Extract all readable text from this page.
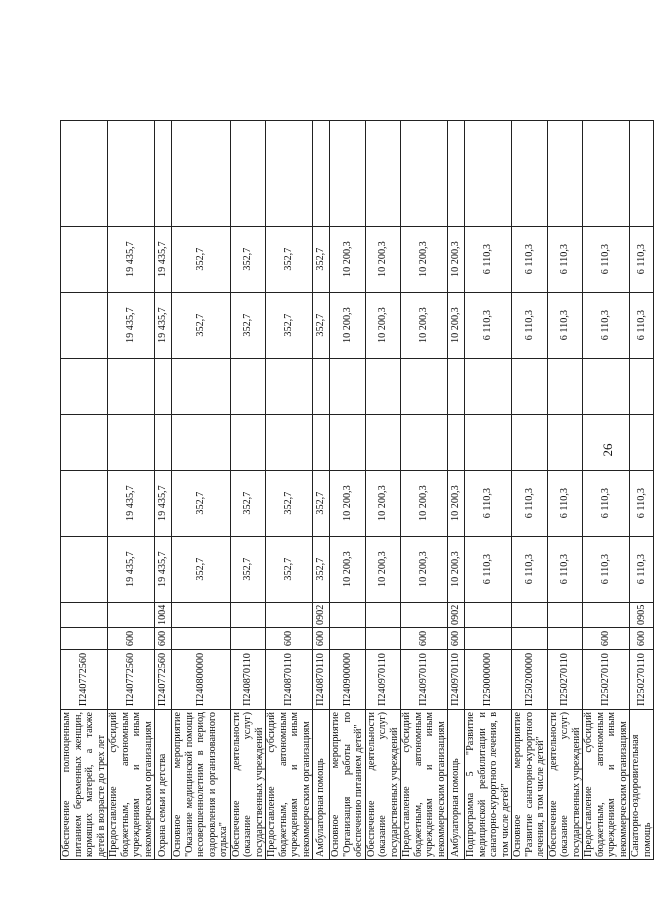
26
Обеспечение полноценным питанием беременных женщин, кормящих матерей, а также детей в возрасте до трех лет	П240772560									
Предоставление субсидий бюджетным, автономным учреждениям и иным некоммерческим организациям	П240772560	600		19 435,7	19 435,7			19 435,7	19 435,7	
Охрана семьи и детства	П240772560	600	1004	19 435,7	19 435,7			19 435,7	19 435,7	
Основное мероприятие "Оказание медицинской помощи несовершеннолетним в период оздоровления и организованного отдыха"	П240800000			352,7	352,7			352,7	352,7	
Обеспечение деятельности (оказание услуг) государственных учреждений	П240870110			352,7	352,7			352,7	352,7	
Предоставление субсидий бюджетным, автономным учреждениям и иным некоммерческим организациям	П240870110	600		352,7	352,7			352,7	352,7	
Амбулаторная помощь	П240870110	600	0902	352,7	352,7			352,7	352,7	
Основное мероприятие "Организация работы по обеспечению питанием детей"	П240900000			10 200,3	10 200,3			10 200,3	10 200,3	
Обеспечение деятельности (оказание услуг) государственных учреждений	П240970110			10 200,3	10 200,3			10 200,3	10 200,3	
Предоставление субсидий бюджетным, автономным учреждениям и иным некоммерческим организациям	П240970110	600		10 200,3	10 200,3			10 200,3	10 200,3	
Амбулаторная помощь	П240970110	600	0902	10 200,3	10 200,3			10 200,3	10 200,3	
Подпрограмма 5 "Развитие медицинской реабилитации и санаторно-курортного лечения, в том числе детей"	П250000000			6 110,3	6 110,3			6 110,3	6 110,3	
Основное мероприятие "Развитие санаторно-курортного лечения, в том числе детей"	П250200000			6 110,3	6 110,3			6 110,3	6 110,3	
Обеспечение деятельности (оказание услуг) государственных учреждений	П250270110			6 110,3	6 110,3			6 110,3	6 110,3	
Предоставление субсидий бюджетным, автономным учреждениям и иным некоммерческим организациям	П250270110	600		6 110,3	6 110,3			6 110,3	6 110,3	
Санаторно-оздоровительная помощь	П250270110	600	0905	6 110,3	6 110,3			6 110,3	6 110,3	
